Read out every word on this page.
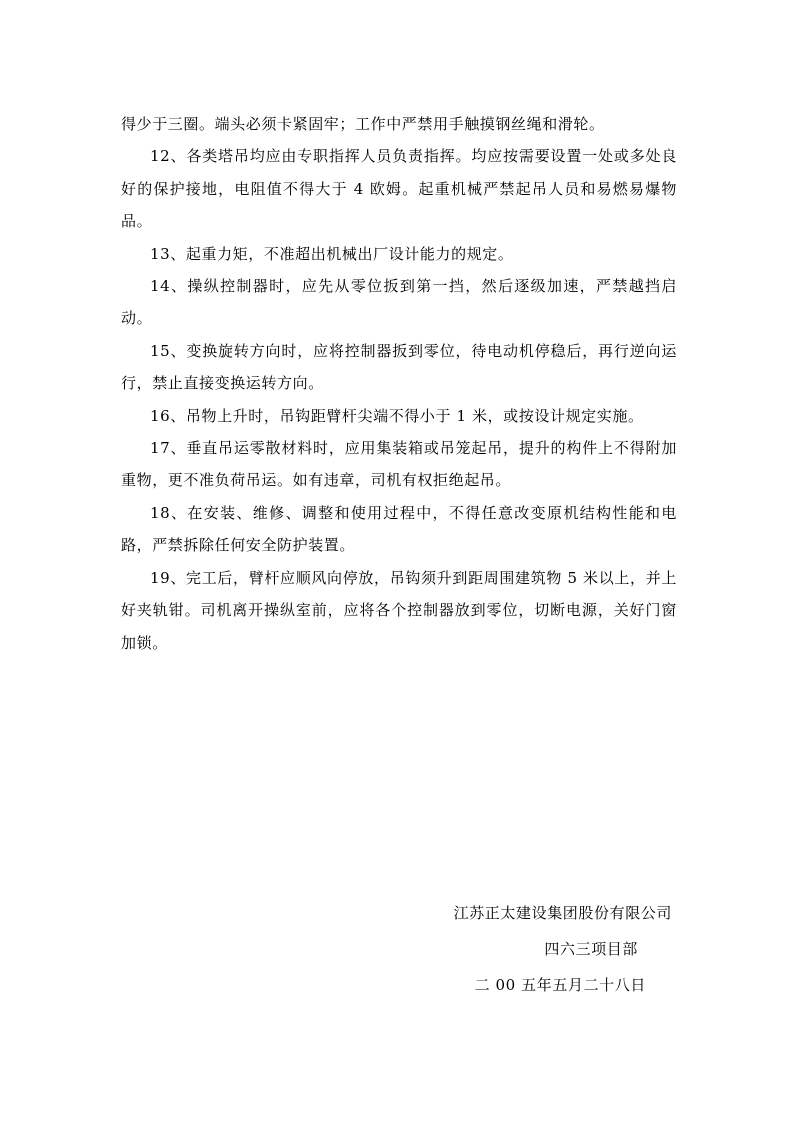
得少于三圈。端头必须卡紧固牢；工作中严禁用手触摸钢丝绳和滑轮。

12、各类塔吊均应由专职指挥人员负责指挥。均应按需要设置一处或多处良好的保护接地，电阻值不得大于 4 欧姆。起重机械严禁起吊人员和易燃易爆物品。

13、起重力矩，不准超出机械出厂设计能力的规定。

14、操纵控制器时，应先从零位扳到第一挡，然后逐级加速，严禁越挡启动。

15、变换旋转方向时，应将控制器扳到零位，待电动机停稳后，再行逆向运行，禁止直接变换运转方向。

16、吊物上升时，吊钩距臂杆尖端不得小于 1 米，或按设计规定实施。

17、垂直吊运零散材料时，应用集装箱或吊笼起吊，提升的构件上不得附加重物，更不准负荷吊运。如有违章，司机有权拒绝起吊。

18、在安装、维修、调整和使用过程中，不得任意改变原机结构性能和电路，严禁拆除任何安全防护装置。

19、完工后，臂杆应顺风向停放，吊钩须升到距周围建筑物 5 米以上，并上好夹轨钳。司机离开操纵室前，应将各个控制器放到零位，切断电源，关好门窗加锁。

江苏正太建设集团股份有限公司

四六三项目部

二 00 五年五月二十八日
